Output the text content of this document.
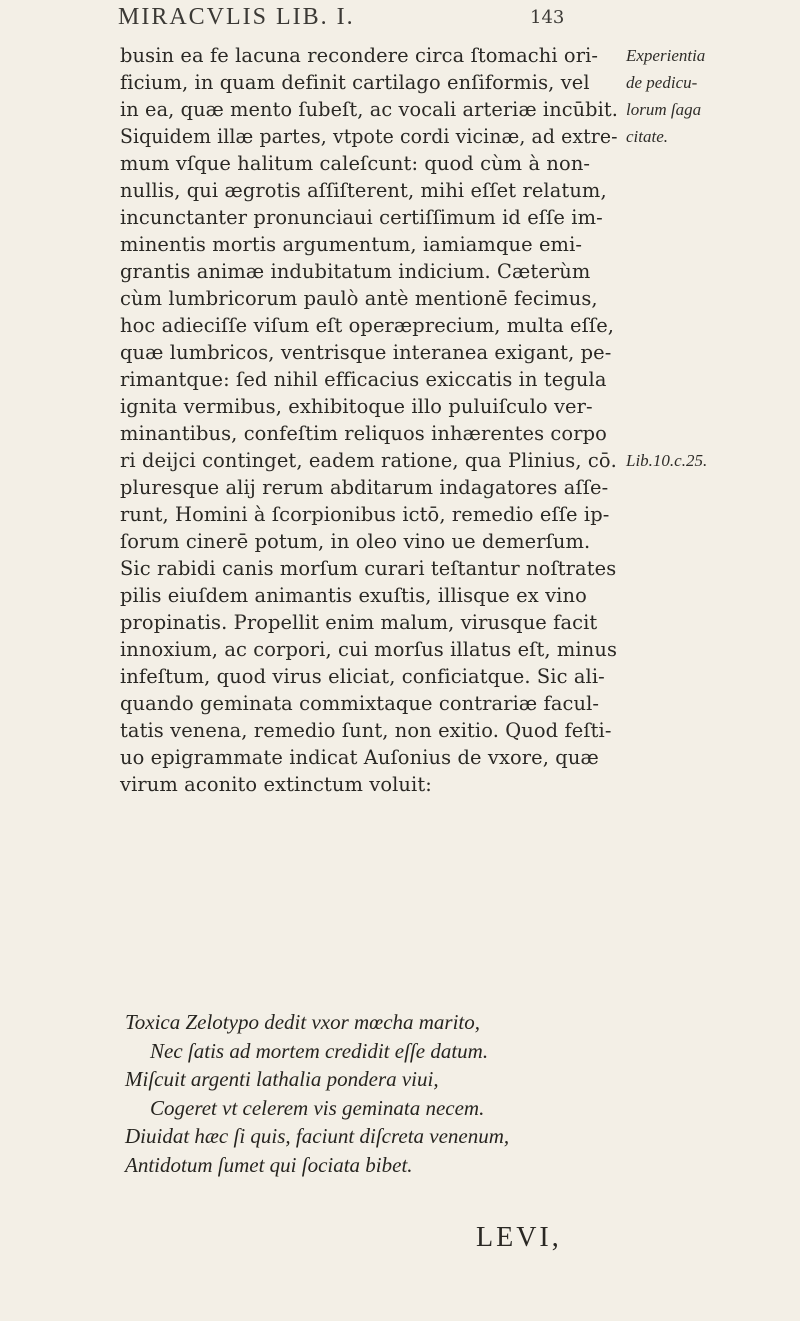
MIRACVLIS LIB. I.	143
busin ea fe lacuna recondere circa ſtomachi ori-
ficium, in quam definit cartilago enſiformis, vel
in ea, quæ mento ſubeſt, ac vocali arteriæ incūbit.
Siquidem illæ partes, vtpote cordi vicinæ, ad extre-
mum vſque halitum caleſcunt: quod cùm à non-
nullis, qui ægrotis aſſiſterent, mihi eſſet relatum,
incunctanter pronunciaui certiſſimum id eſſe im-
minentis mortis argumentum, iamiamque emi-
grantis animæ indubitatum indicium. Cæterùm
cùm lumbricorum paulò antè mentionē fecimus,
hoc adieciſſe viſum eſt operæprecium, multa eſſe,
quæ lumbricos, ventrisque interanea exigant, pe-
rimantque: ſed nihil efficacius exiccatis in tegula
ignita vermibus, exhibitoque illo puluiſculo ver-
minantibus, confeſtim reliquos inhærentes corpo
ri deijci continget, eadem ratione, qua Plinius, cō.
pluresque alij rerum abditarum indagatores aſſe-
runt, Homini à ſcorpionibus ictō, remedio eſſe ip-
ſorum cinerē potum, in oleo vino ue demerſum.
Sic rabidi canis morſum curari teſtantur noſtrates
pilis eiuſdem animantis exuſtis, illisque ex vino
propinatis. Propellit enim malum, virusque facit
innoxium, ac corpori, cui morſus illatus eſt, minus
infeſtum, quod virus eliciat, conficiatque. Sic ali-
quando geminata commixtaque contrariæ facul-
tatis venena, remedio ſunt, non exitio. Quod feſti-
uo epigrammate indicat Auſonius de vxore, quæ
virum aconito extinctum voluit:
Experientia
de pedicu-
lorum ſaga
citate.
Lib.10.c.25.
Toxica Zelotypo dedit vxor mœcha marito,
Nec ſatis ad mortem credidit eſſe datum.
Miſcuit argenti lathalia pondera viui,
Cogeret vt celerem vis geminata necem.
Diuidat hæc ſi quis, faciunt diſcreta venenum,
Antidotum ſumet qui ſociata bibet.
LEVI,
